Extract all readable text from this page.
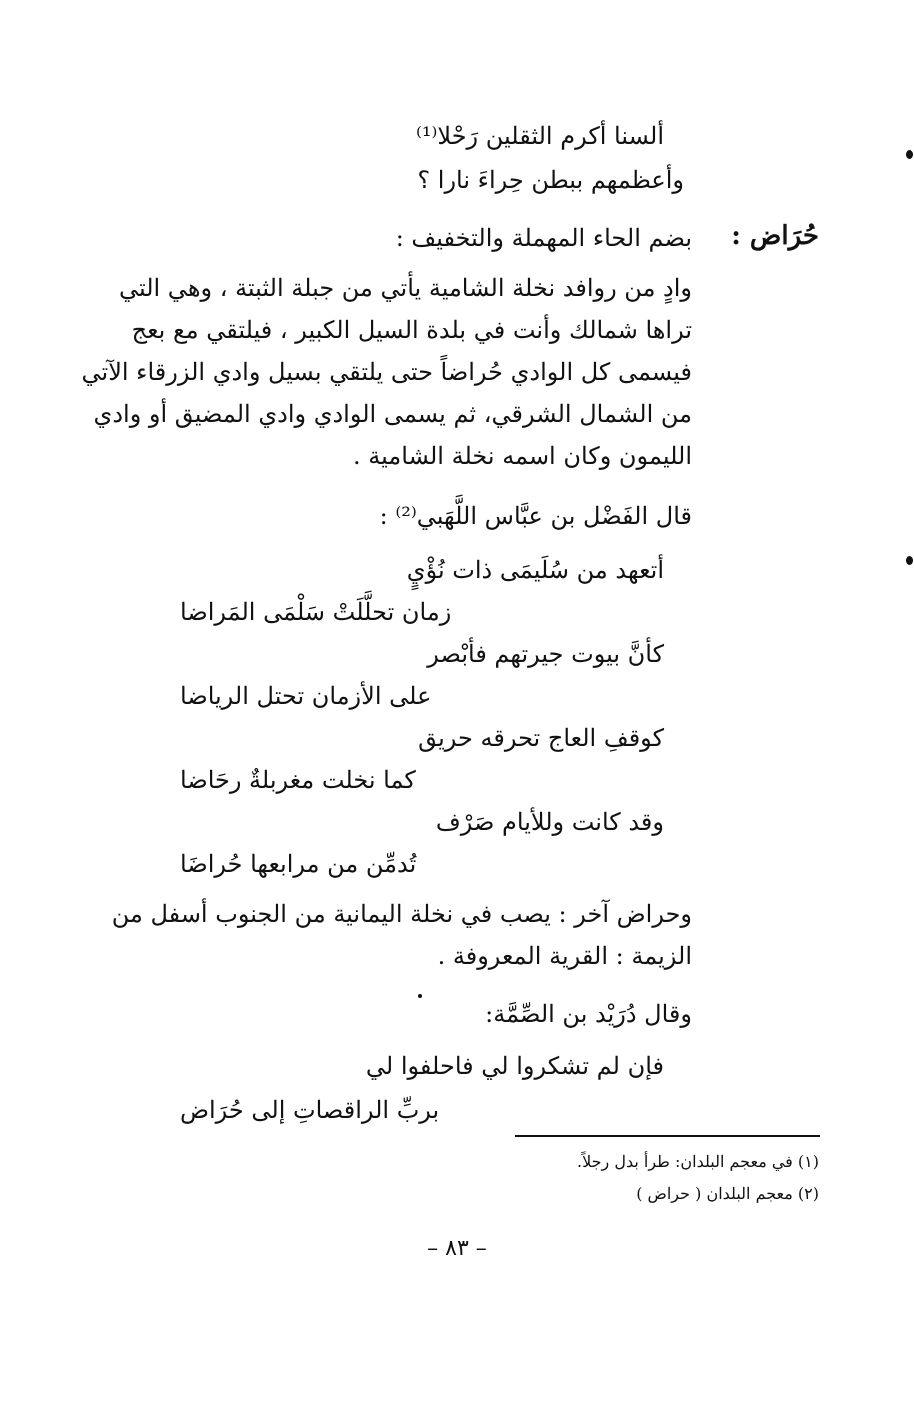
ألسنا أكرم الثقلين رَحْلا⁽¹⁾
وأعظمهم ببطن حِراءَ نارا ؟
حُرَاض :
بضم الحاء المهملة والتخفيف :
وادٍ من روافد نخلة الشامية يأتي من جبلة الثبتة ، وهي التي
تراها شمالك وأنت في بلدة السيل الكبير ، فيلتقي مع بعج
فيسمى كل الوادي حُراضاً حتى يلتقي بسيل وادي الزرقاء الآتي
من الشمال الشرقي، ثم يسمى الوادي وادي المضيق أو وادي
الليمون وكان اسمه نخلة الشامية .
قال الفَضْل بن عبَّاس اللَّهَبي⁽²⁾ :
أتعهد من سُلَيمَى ذات نُؤْيٍ
زمان تحلَّلَتْ سَلْمَى المَراضا
كأنَّ بيوت جيرتهم فأبْصر
على الأزمان تحتل الرياضا
كوقفِ العاج تحرقه حريق
كما نخلت مغربلةٌ رحَاضا
وقد كانت وللأيام صَرْف
تُدمِّن من مرابعها حُراضَا
وحراض آخر : يصب في نخلة اليمانية من الجنوب أسفل من
الزيمة : القرية المعروفة .
وقال دُرَيْد بن الصِّمَّة:
فإن لم تشكروا لي فاحلفوا لي
بربِّ الراقصاتِ إلى حُرَاض
(١) في معجم البلدان: طرأ بدل رجلاً.
(٢) معجم البلدان ( حراض )
– ٨٣ –
